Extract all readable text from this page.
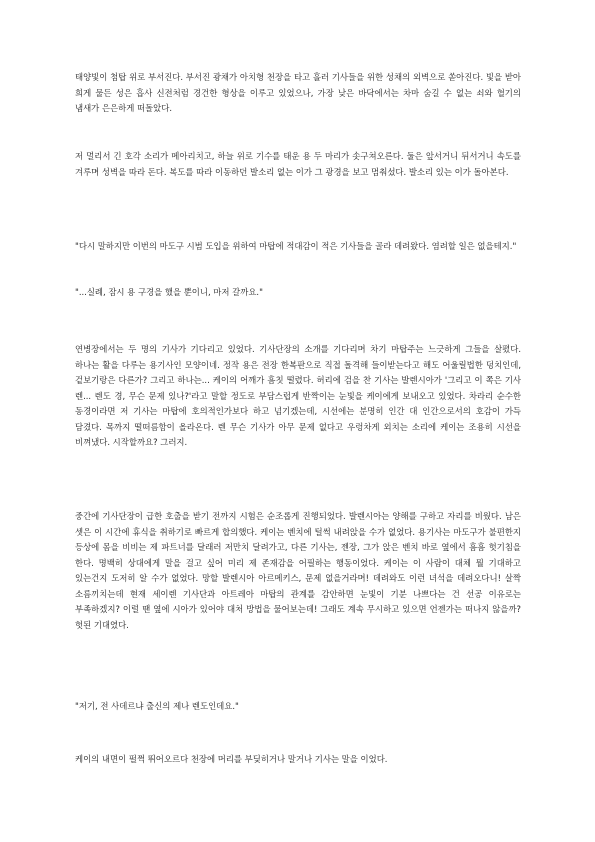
태양빛이 첨탑 위로 부서진다. 부서진 광채가 아치형 천장을 타고 흘러 기사들을 위한 성채의 외벽으로 쏟아진다. 빛을 받아 희게 물든 성은 흡사 신전처럼 경건한 형상을 이루고 있었으나, 가장 낮은 바닥에서는 차마 숨길 수 없는 쇠와 혈기의 냄새가 은은하게 떠돌았다.

저 멀리서 긴 호각 소리가 메아리치고, 하늘 위로 기수를 태운 용 두 마리가 솟구쳐오른다. 둘은 앞서거니 뒤서거니 속도를 겨루며 성벽을 따라 돈다. 복도를 따라 이동하던 발소리 없는 이가 그 광경을 보고 멈춰섰다. 발소리 있는 이가 돌아본다.

"다시 말하지만 이번의 마도구 시범 도입을 위하여 마탑에 적대감이 적은 기사들을 골라 데려왔다. 염려할 일은 없을테지."

"...실례, 잠시 용 구경을 했을 뿐이니, 마저 갈까요."

연병장에서는 두 명의 기사가 기다리고 있었다. 기사단장의 소개를 기다리며 차기 마탑주는 느긋하게 그들을 살폈다. 하나는 활을 다루는 용기사인 모양이네. 정작 용은 전장 한복판으로 직접 돌격해 들이받는다고 해도 어울릴법한 덩치인데, 겉보기랑은 다른가? 그리고 하나는... 케이의 어깨가 흠칫 떨렸다. 허리에 검을 찬 기사는 발렌시아가 '그리고 이 쪽은 기사 렌... 렌도 경, 무슨 문제 있나?'라고 말할 정도로 부담스럽게 반짝이는 눈빛을 케이에게 보내오고 있었다. 차라리 순수한 동경이라면 저 기사는 마탑에 호의적인가보다 하고 넘기겠는데, 시선에는 분명히 인간 대 인간으로서의 호감이 가득 담겼다. 목까지 떨떠름함이 올라온다. 렌 무슨 기사가 아무 문제 없다고 우렁차게 외치는 소리에 케이는 조용히 시선을 비껴냈다. 시작할까요? 그러지.

중간에 기사단장이 급한 호출을 받기 전까지 시험은 순조롭게 진행되었다. 발렌시아는 양해를 구하고 자리를 비웠다. 남은 셋은 이 시간에 휴식을 취하기로 빠르게 합의했다. 케이는 벤치에 털썩 내려앉을 수가 없었다. 용기사는 마도구가 불편한지 등상에 몸을 비비는 제 파트너를 달래러 저만치 달려가고, 다른 기사는, 젠장, 그가 앉은 벤치 바로 옆에서 흠흠 헛기침을 한다. 명백히 상대에게 말을 걸고 싶어 미리 제 존재감을 어필하는 행동이었다. 케이는 이 사람이 대체 뭘 기대하고 있는건지 도저히 알 수가 없었다. 망할 발렌시아 아르메키스, 문제 없을거라며! 데려와도 이런 녀석을 데려오다니! 살짝 소름끼치는데 현재 세이렌 기사단과 아트레아 마탑의 관계를 감안하면 눈빛이 기분 나쁘다는 건 선공 이유로는 부족하겠지? 이럴 땐 옆에 시아가 있어야 대처 방법을 물어보는데! 그래도 계속 무시하고 있으면 언젠가는 떠나지 않을까? 헛된 기대였다.

"저기, 전 사데르냐 출신의 제나 렌도인데요."

케이의 내면이 펄쩍 뛰어오르다 천장에 머리를 부딪히거나 말거나 기사는 말을 이었다.
